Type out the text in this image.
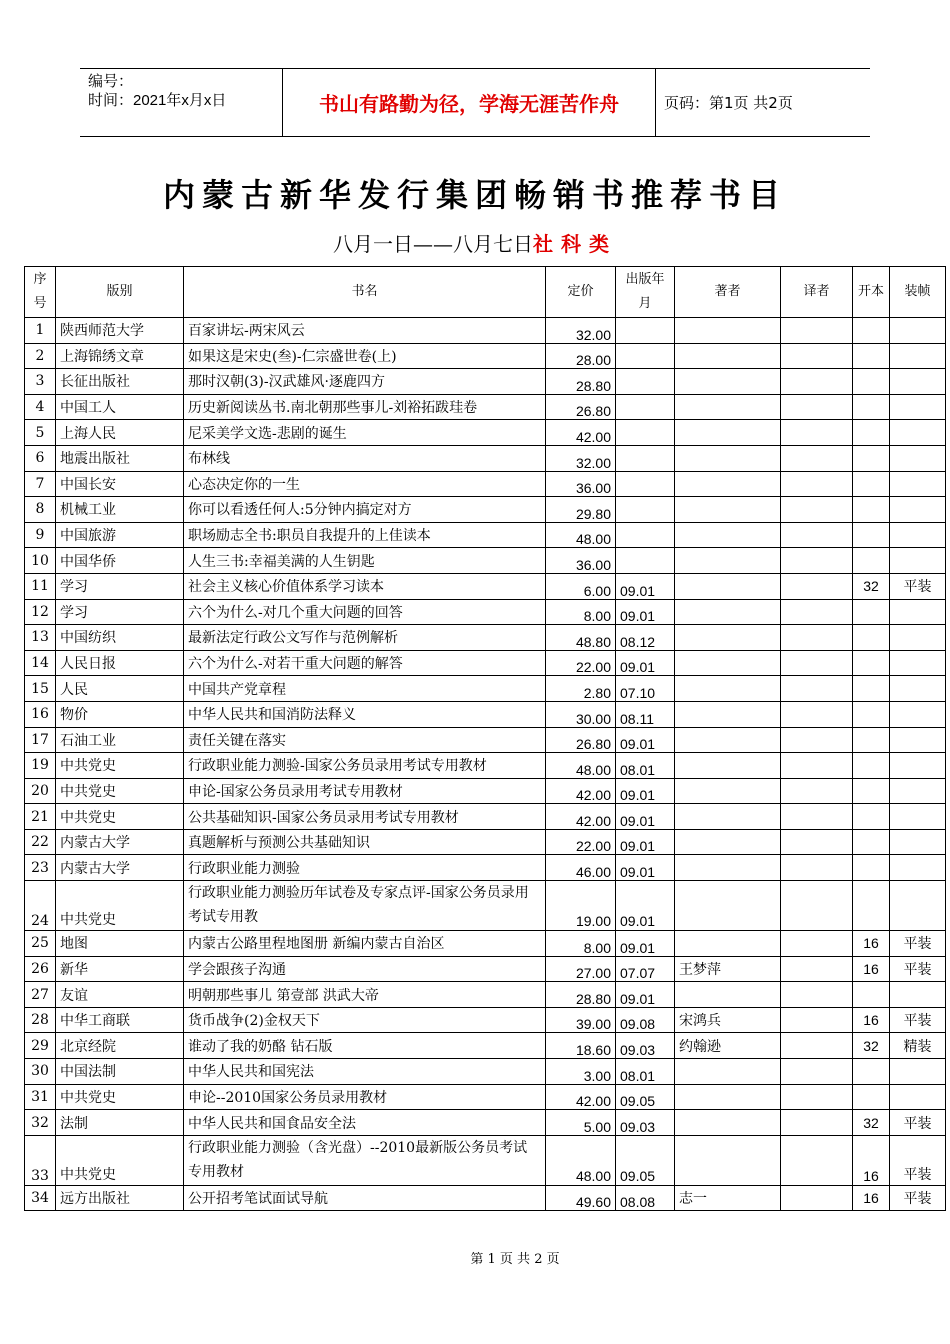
编号：
时间：2021年x月x日	书山有路勤为径，学海无涯苦作舟	页码：第1页 共2页
内蒙古新华发行集团畅销书推荐书目
八月一日——八月七日社科类
序号	版别	书名	定价	出版年月	著者	译者	开本	装帧
1	陕西师范大学	百家讲坛-两宋风云	32.00					
2	上海锦绣文章	如果这是宋史(叁)-仁宗盛世卷(上)	28.00					
3	长征出版社	那时汉朝(3)-汉武雄风·逐鹿四方	28.80					
4	中国工人	历史新阅读丛书.南北朝那些事儿-刘裕拓跋珪卷	26.80					
5	上海人民	尼采美学文选-悲剧的诞生	42.00					
6	地震出版社	布林线	32.00					
7	中国长安	心态决定你的一生	36.00					
8	机械工业	你可以看透任何人:5分钟内搞定对方	29.80					
9	中国旅游	职场励志全书:职员自我提升的上佳读本	48.00					
10	中国华侨	人生三书:幸福美满的人生钥匙	36.00					
11	学习	社会主义核心价值体系学习读本	6.00	09.01			32	平装
12	学习	六个为什么-对几个重大问题的回答	8.00	09.01				
13	中国纺织	最新法定行政公文写作与范例解析	48.80	08.12				
14	人民日报	六个为什么-对若干重大问题的解答	22.00	09.01				
15	人民	中国共产党章程	2.80	07.10				
16	物价	中华人民共和国消防法释义	30.00	08.11				
17	石油工业	责任关键在落实	26.80	09.01				
19	中共党史	行政职业能力测验-国家公务员录用考试专用教材	48.00	08.01				
20	中共党史	申论-国家公务员录用考试专用教材	42.00	09.01				
21	中共党史	公共基础知识-国家公务员录用考试专用教材	42.00	09.01				
22	内蒙古大学	真题解析与预测公共基础知识	22.00	09.01				
23	内蒙古大学	行政职业能力测验	46.00	09.01				
24	中共党史	行政职业能力测验历年试卷及专家点评-国家公务员录用考试专用教	19.00	09.01				
25	地图	内蒙古公路里程地图册 新编内蒙古自治区	8.00	09.01			16	平装
26	新华	学会跟孩子沟通	27.00	07.07	王梦萍		16	平装
27	友谊	明朝那些事儿 第壹部 洪武大帝	28.80	09.01				
28	中华工商联	货币战争(2)金权天下	39.00	09.08	宋鸿兵		16	平装
29	北京经院	谁动了我的奶酪 钻石版	18.60	09.03	约翰逊		32	精装
30	中国法制	中华人民共和国宪法	3.00	08.01				
31	中共党史	申论--2010国家公务员录用教材	42.00	09.05				
32	法制	中华人民共和国食品安全法	5.00	09.03			32	平装
33	中共党史	行政职业能力测验（含光盘）--2010最新版公务员考试专用教材	48.00	09.05			16	平装
34	远方出版社	公开招考笔试面试导航	49.60	08.08	志一		16	平装
第 1 页 共 2 页
